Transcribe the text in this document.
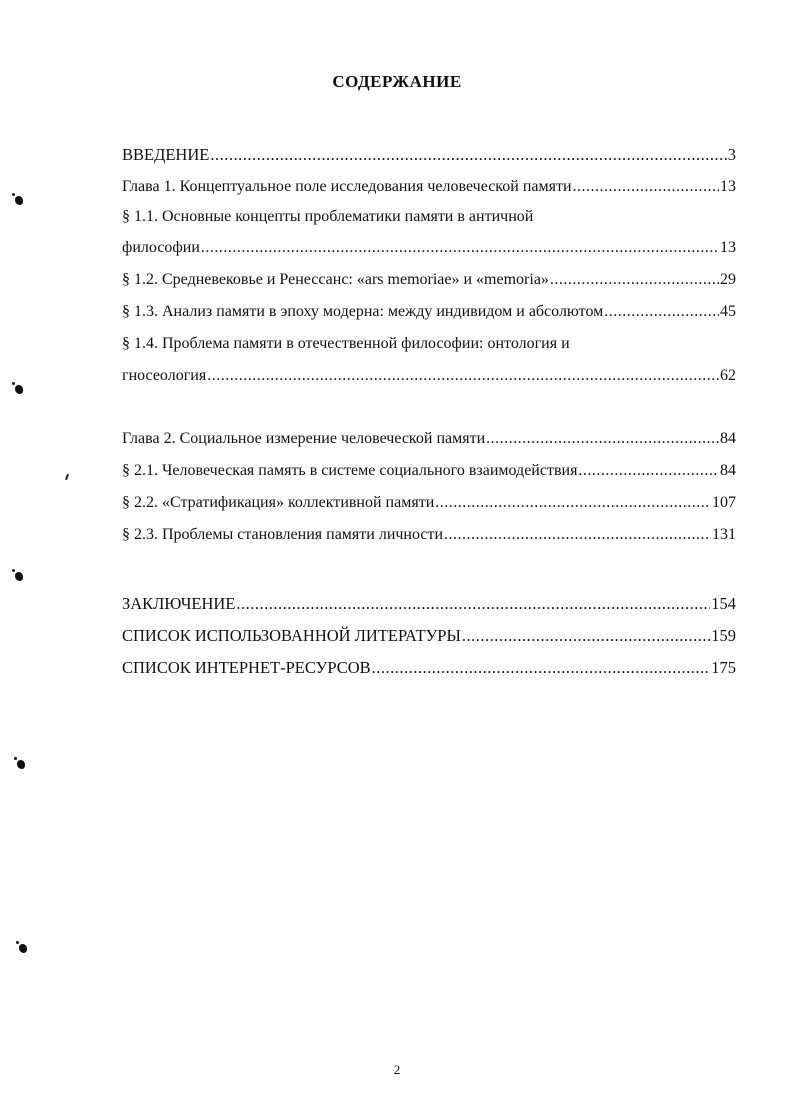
СОДЕРЖАНИЕ
ВВЕДЕНИЕ .....	3
Глава 1. Концептуальное поле исследования человеческой памяти .....	13
§ 1.1. Основные концепты проблематики памяти в античной
философии .....	13
§ 1.2. Средневековье и Ренессанс: «ars memoriae» и «memoria» .....	29
§ 1.3. Анализ памяти в эпоху модерна: между индивидом и абсолютом .....	45
§ 1.4. Проблема памяти в отечественной философии: онтология и
гносеология .....	62
Глава 2. Социальное измерение человеческой памяти .....	84
§ 2.1. Человеческая память в системе социального взаимодействия .....	84
§ 2.2. «Стратификация» коллективной памяти .....	107
§ 2.3. Проблемы становления памяти личности .....	131
ЗАКЛЮЧЕНИЕ .....	154
СПИСОК ИСПОЛЬЗОВАННОЙ ЛИТЕРАТУРЫ .....	159
СПИСОК ИНТЕРНЕТ-РЕСУРСОВ .....	175
2
